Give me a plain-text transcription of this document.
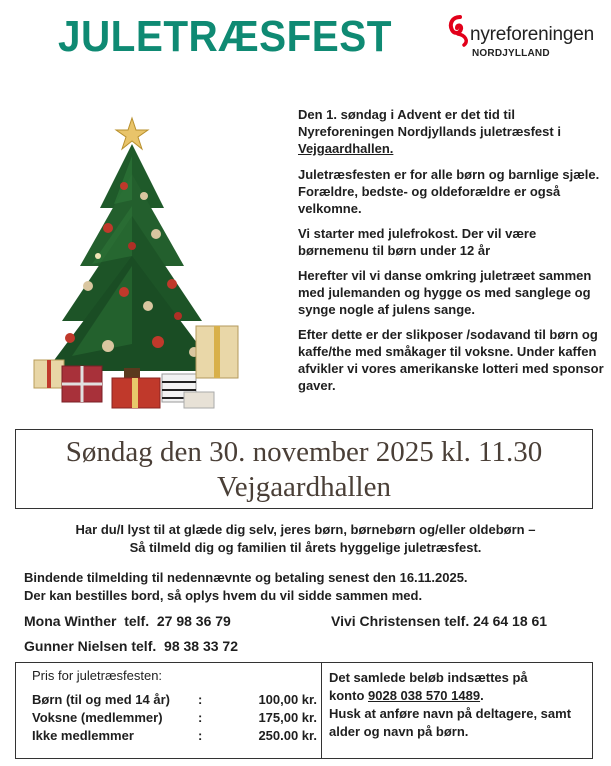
JULETRÆSFEST	nyreforeningen
NORDJYLLAND

Den 1. søndag i Advent er det tid til Nyreforeningen Nordjyllands juletræsfest i Vejgaardhallen.

Juletræsfesten er for alle børn og barnlige sjæle. Forældre, bedste- og oldeforældre er også velkomne.

Vi starter med julefrokost. Der vil være børnemenu til børn under 12 år

Herefter vil vi danse omkring juletræet sammen med julemanden og hygge os med sanglege og synge nogle af julens sange.

Efter dette er der slikposer /sodavand til børn og kaffe/the med småkager til voksne. Under kaffen afvikler vi vores amerikanske lotteri med sponsor gaver.

Søndag den 30. november 2025 kl. 11.30
Vejgaardhallen
Har du/I lyst til at glæde dig selv, jeres børn, børnebørn og/eller oldebørn –
Så tilmeld dig og familien til årets hyggelige juletræsfest.
Bindende tilmelding til nedennævnte og betaling senest den 16.11.2025.
Der kan bestilles bord, så oplys hvem du vil sidde sammen med.
Mona Winther  telf.  27 98 36 79	Vivi Christensen telf. 24 64 18 61
Gunner Nielsen telf.  98 38 33 72
Pris for juletræsfesten:
Børn (til og med 14 år) :	100,00 kr.
Voksne (medlemmer)	:	175,00 kr.
Ikke medlemmer	:	250.00 kr.
Det samlede beløb indsættes på
konto 9028 038 570 1489.
Husk at anføre navn på deltagere, samt alder og navn på børn.
